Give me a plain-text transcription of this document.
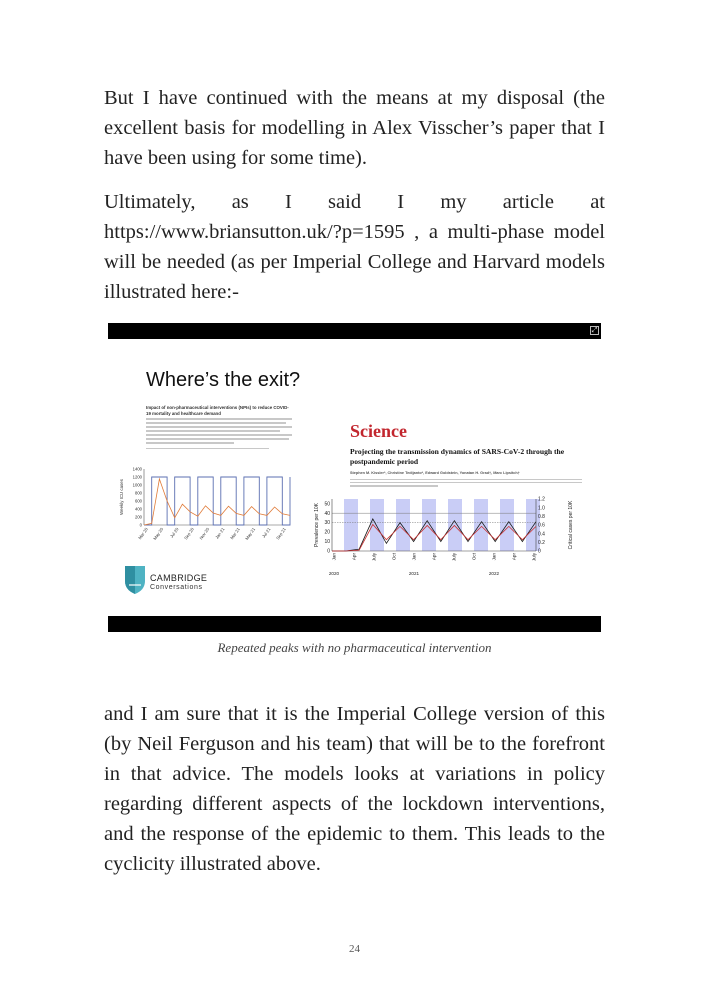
But I have continued with the means at my disposal (the excellent basis for modelling in Alex Visscher’s paper that I have been using for some time).

Ultimately, as I said I my article at https://www.briansutton.uk/?p=1595 , a multi-phase model will be needed (as per Imperial College and Harvard models illustrated here:-

⤢

Where’s the exit?

Impact of non-pharmaceutical interventions (NPIs) to reduce COVID-19 mortality and healthcare demand
0
200
400
600
800
1000
1200
1400
Weekly ICU cases
Mar 20 May 20 Jul 20 Sep 20 Nov 20 Jan 21 Mar 21 May 21 Jul 21 Sep 21

Science

Projecting the transmission dynamics of SARS-CoV-2 through the postpandemic period
Stephen M. Kissler*, Christine Tedijanto*, Edward Goldstein, Yonatan H. Grad†, Marc Lipsitch†
0
10
20
30
40
50
0
0.2
0.4
0.6
0.8
1.0
1.2
Prevalence per 10K	Critical cases per 10K
Jan	Apr	July	Oct	Jan	Apr	July	Oct	Jan	Apr	July
2020	2021	2022
CAMBRIDGE
Conversations

Repeated peaks with no pharmaceutical intervention

and I am sure that it is the Imperial College version of this (by Neil Ferguson and his team) that will be to the forefront in that advice. The models looks at variations in policy regarding different aspects of the lockdown interventions, and the response of the epidemic to them. This leads to the cyclicity illustrated above.

24
